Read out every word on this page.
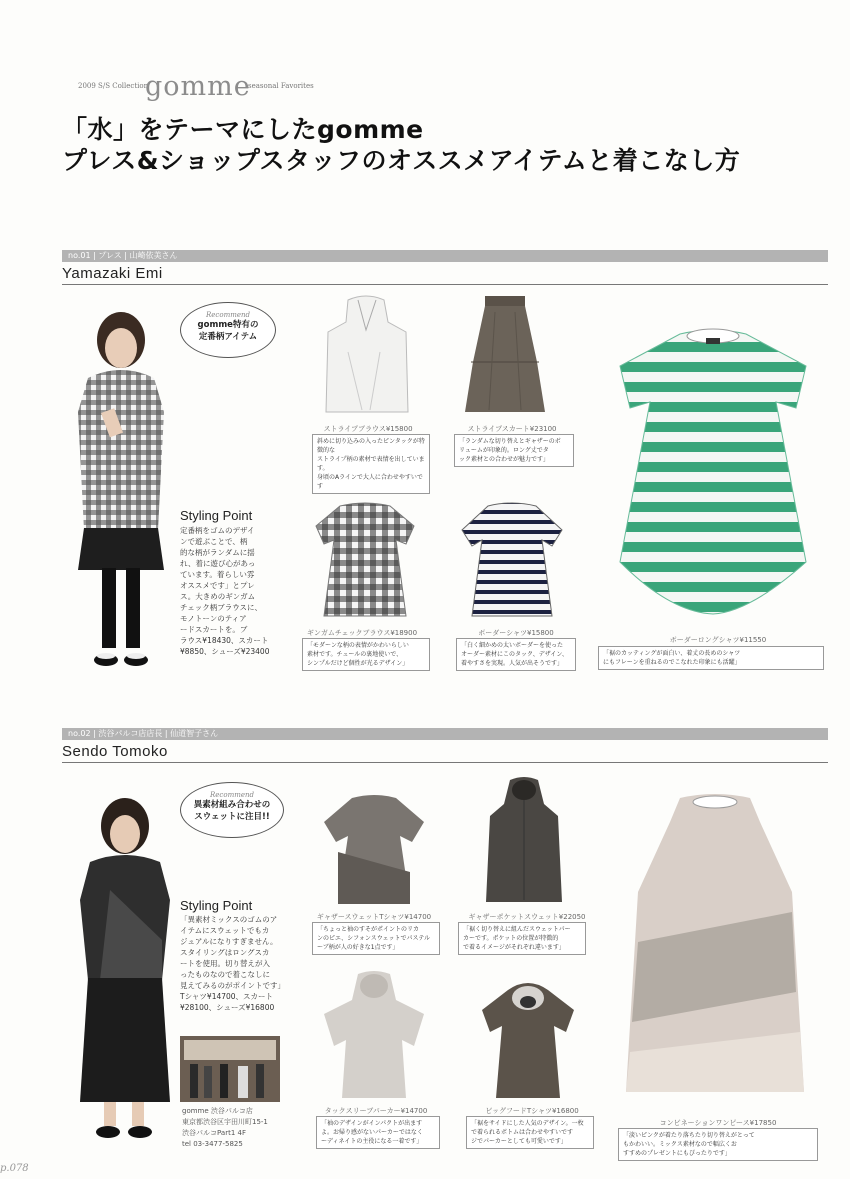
2009 S/S Collection
gomme
seasonal Favorites
「水」をテーマにしたgomme
プレス&ショップスタッフのオススメアイテムと着こなし方
no.01 | プレス | 山崎依美さん
Yamazaki Emi
Recommend
gomme特有の
定番柄アイテム
Styling Point
定番柄をゴムのデザイ
ンで遊ぶことで、柄
的な柄がランダムに揺
れ、着に遊び心があっ
ています。着らしい雰
オススメです」とプレ
ス。大きめのギンガム
チェック柄ブラウスに、
モノトーンのティア
ードスカートを。ブ
ラウス¥18430、スカート
¥8850、シューズ¥23400
ストライプブラウス¥15800
斜めに切り込みの入ったピンタックが特徴的な
ストライプ柄の素材で表情を出しています。
身頃のAラインで大人に合わせやすいです
ストライプスカート¥23100
「ランダムな切り替えとギャザーのボ
リュームが印象的。ロング丈でタ
ック素材との合わせが魅力です」
ギンガムチェックブラウス¥18900
「モダーンな柄の表情がかわいらしい
素材です。チュールの裏地使いで、
シンプルだけど個性が光るデザイン」
ボーダーシャツ¥15800
「白く細かめの太いボーダーを使った
オーダー素材にこのタック、デザイン、
着やすさを実現。人気が出そうです」
ボーダーロングシャツ¥11550
「裾のカッティングが面白い、着丈の長めのシャツ
にもフレーンを重ねるのでこなれた印象にも活躍」
no.02 | 渋谷パルコ店店長 | 仙道智子さん
Sendo Tomoko
Recommend
異素材組み合わせの
スウェットに注目!!
Styling Point
「異素材ミックスのゴムのア
イテムにスウェットでもカ
ジュアルになりすぎません。
スタイリングはロングスカ
ートを使用。切り替えが入
ったものなので着こなしに
見えてみるのがポイントです」
Tシャツ¥14700、スカート
¥28100、シューズ¥16800
gomme 渋谷パルコ店
東京都渋谷区宇田川町15-1
渋谷パルコPart1 4F
tel 03-3477-5825
ギャザースウェットTシャツ¥14700
「ちょっと袖のすそがポイントのリカ
ンのピエ、シフォンスウェットでパステル
ーブ柄が人の好きな1点です」
ギャザーポケットスウェット¥22050
「裾く切り替えに組んだスウェットパー
カーです。ポケットの位置が特徴的
で着るイメージがそれぞれ違います」
タックスリーブパーカー¥14700
「袖のデザインがインパクトが出ます
よ。お帰り感がないパーカーではなく
ーディネイトの主役になる一着です」
ビッグフードTシャツ¥16800
「裾をサイドにした人気のデザイン。一枚
で着られるボトムは合わせやすいです
ジでパーカーとしても可愛いです」
コンビネーションワンピース¥17850
「淡いピンクが着たり落ちたり切り替えがとって
もかわいい。ミックス素材なので幅広くお
すすめのプレゼントにもぴったりです」
p.078
